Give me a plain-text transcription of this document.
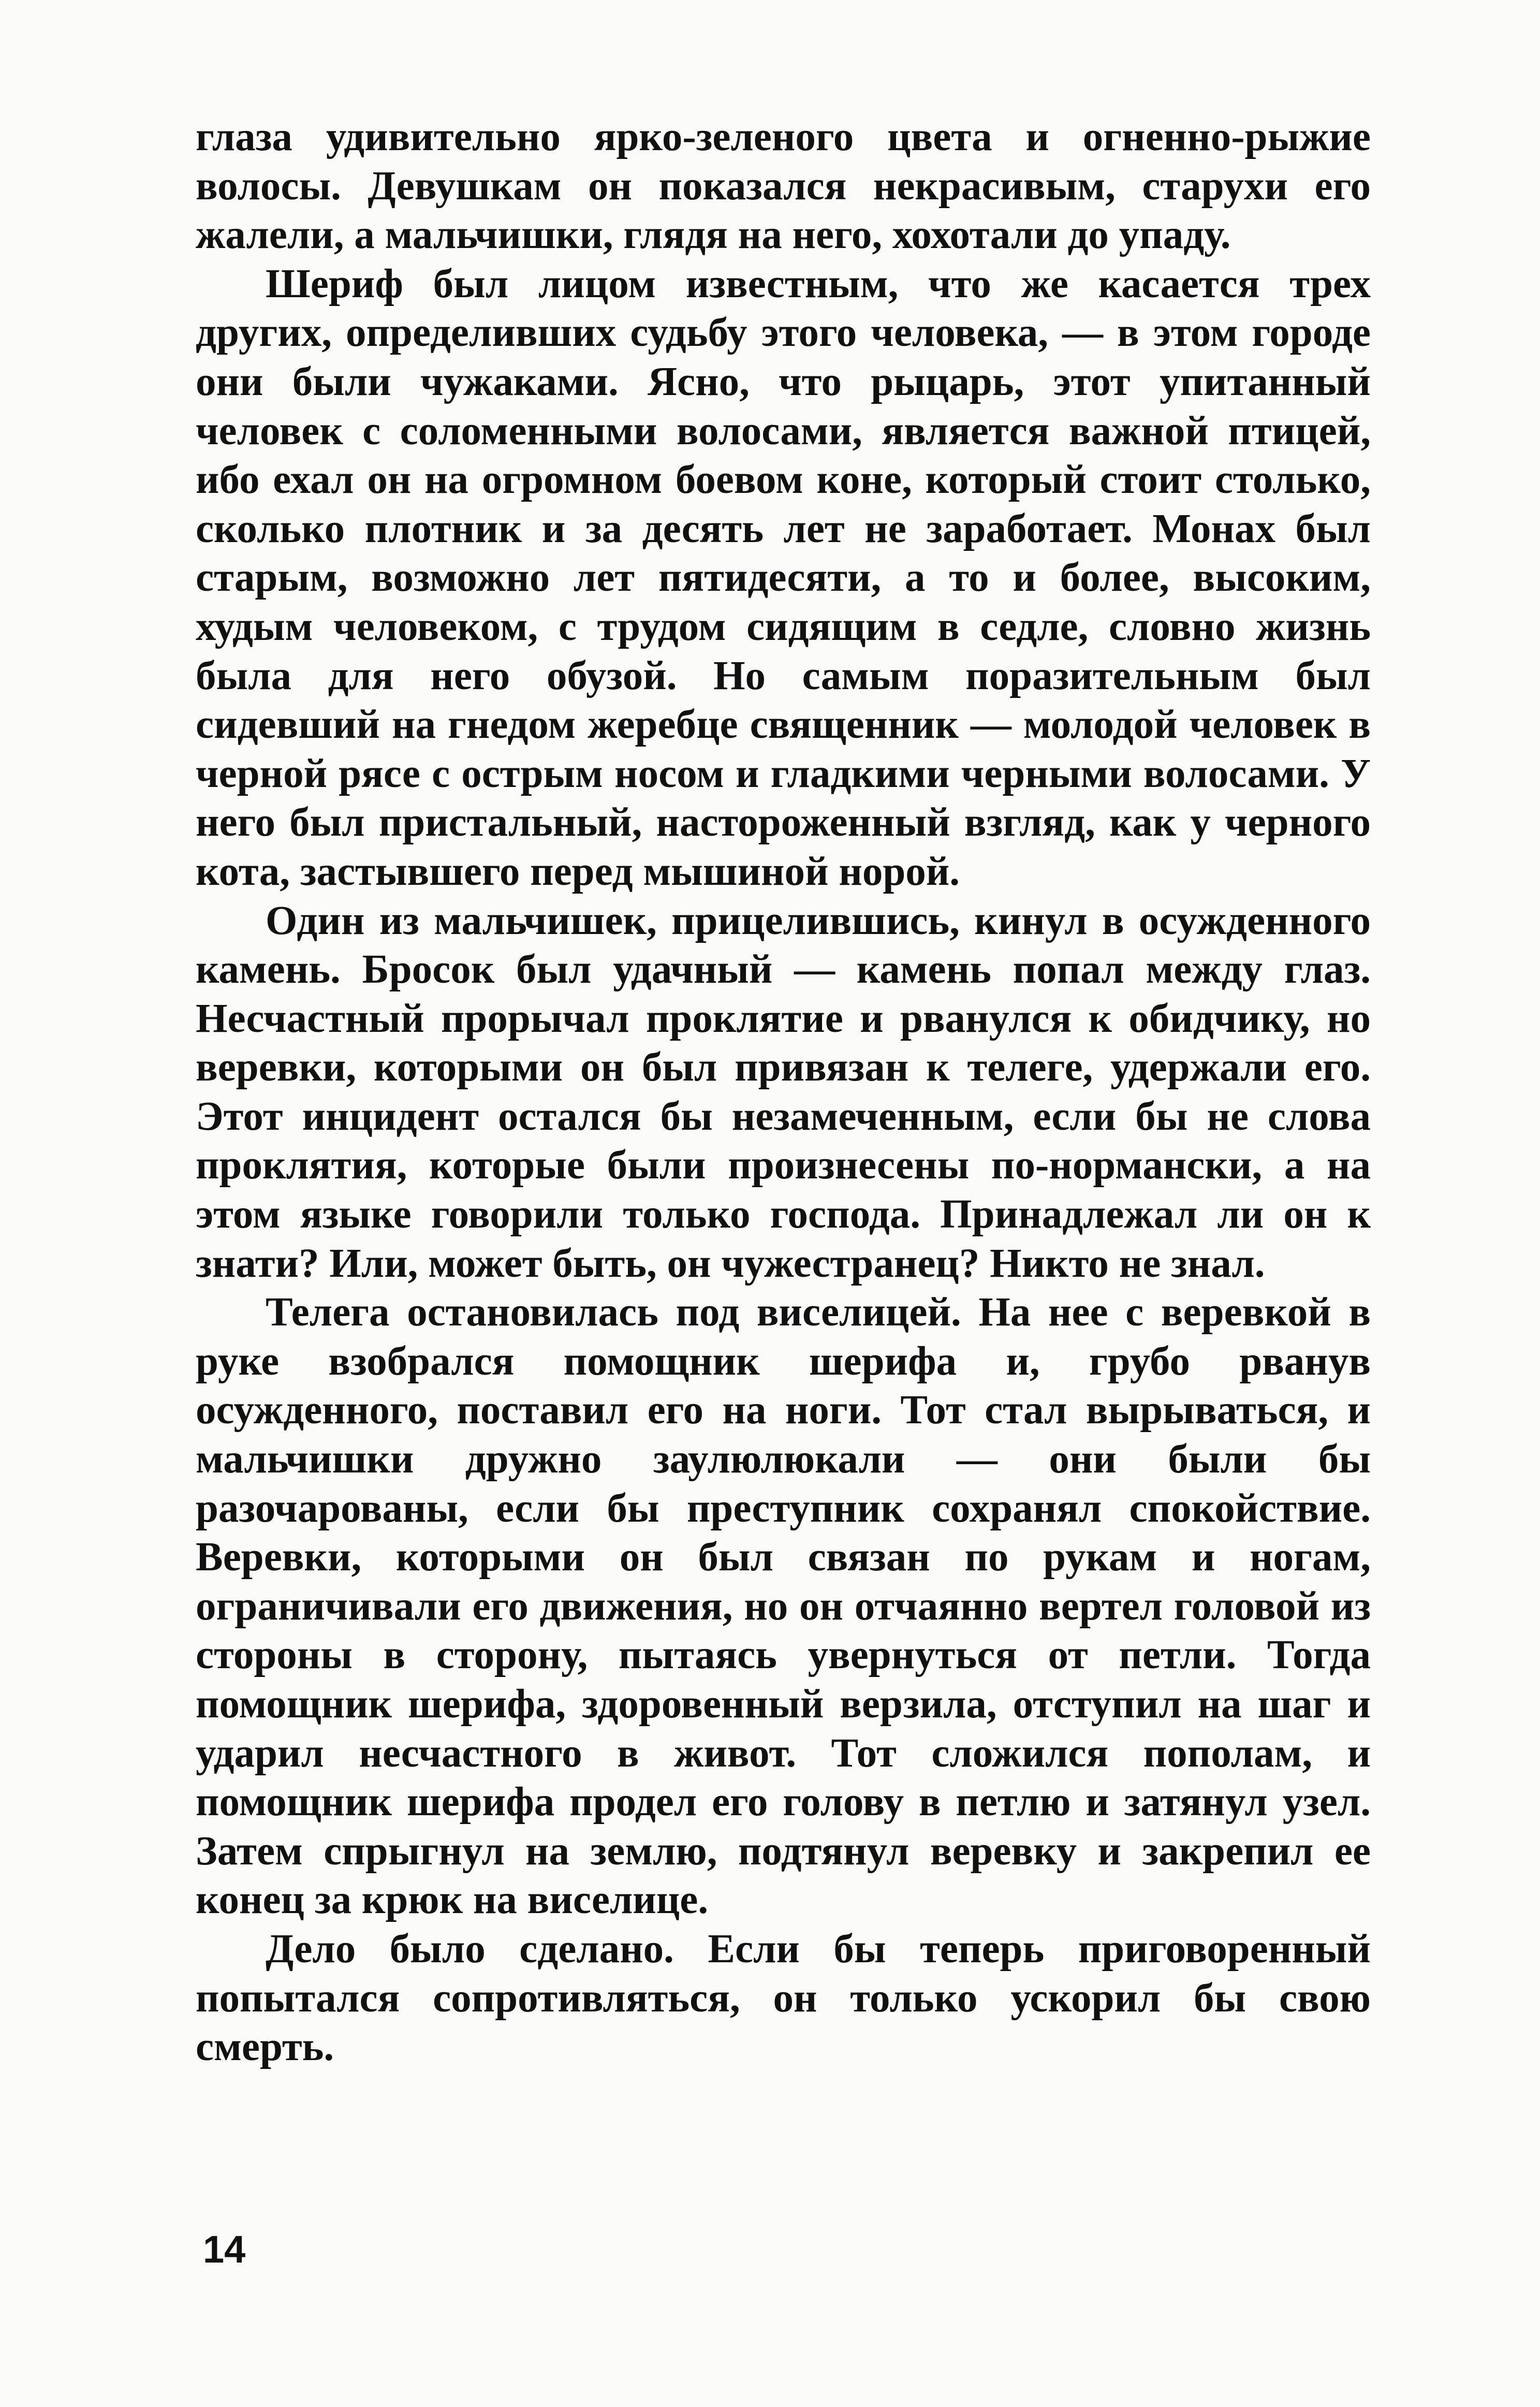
глаза удивительно ярко-зеленого цвета и огненно-рыжие волосы. Девушкам он показался некрасивым, старухи его жалели, а мальчишки, глядя на него, хохотали до упаду.

Шериф был лицом известным, что же касается трех других, определивших судьбу этого человека, — в этом городе они были чужаками. Ясно, что рыцарь, этот упитанный человек с соломенными волосами, является важной птицей, ибо ехал он на огромном боевом коне, который стоит столько, сколько плотник и за десять лет не заработает. Монах был старым, возможно лет пятидесяти, а то и более, высоким, худым человеком, с трудом сидящим в седле, словно жизнь была для него обузой. Но самым поразительным был сидевший на гнедом жеребце священник — молодой человек в черной рясе с острым носом и гладкими черными волосами. У него был пристальный, настороженный взгляд, как у черного кота, застывшего перед мышиной норой.

Один из мальчишек, прицелившись, кинул в осужденного камень. Бросок был удачный — камень попал между глаз. Несчастный прорычал проклятие и рванулся к обидчику, но веревки, которыми он был привязан к телеге, удержали его. Этот инцидент остался бы незамеченным, если бы не слова проклятия, которые были произнесены по-нормански, а на этом языке говорили только господа. Принадлежал ли он к знати? Или, может быть, он чужестранец? Никто не знал.

Телега остановилась под виселицей. На нее с веревкой в руке взобрался помощник шерифа и, грубо рванув осужденного, поставил его на ноги. Тот стал вырываться, и мальчишки дружно заулюлюкали — они были бы разочарованы, если бы преступник сохранял спокойствие. Веревки, которыми он был связан по рукам и ногам, ограничивали его движения, но он отчаянно вертел головой из стороны в сторону, пытаясь увернуться от петли. Тогда помощник шерифа, здоровенный верзила, отступил на шаг и ударил несчастного в живот. Тот сложился пополам, и помощник шерифа продел его голову в петлю и затянул узел. Затем спрыгнул на землю, подтянул веревку и закрепил ее конец за крюк на виселице.

Дело было сделано. Если бы теперь приговоренный попытался сопротивляться, он только ускорил бы свою смерть.

14
